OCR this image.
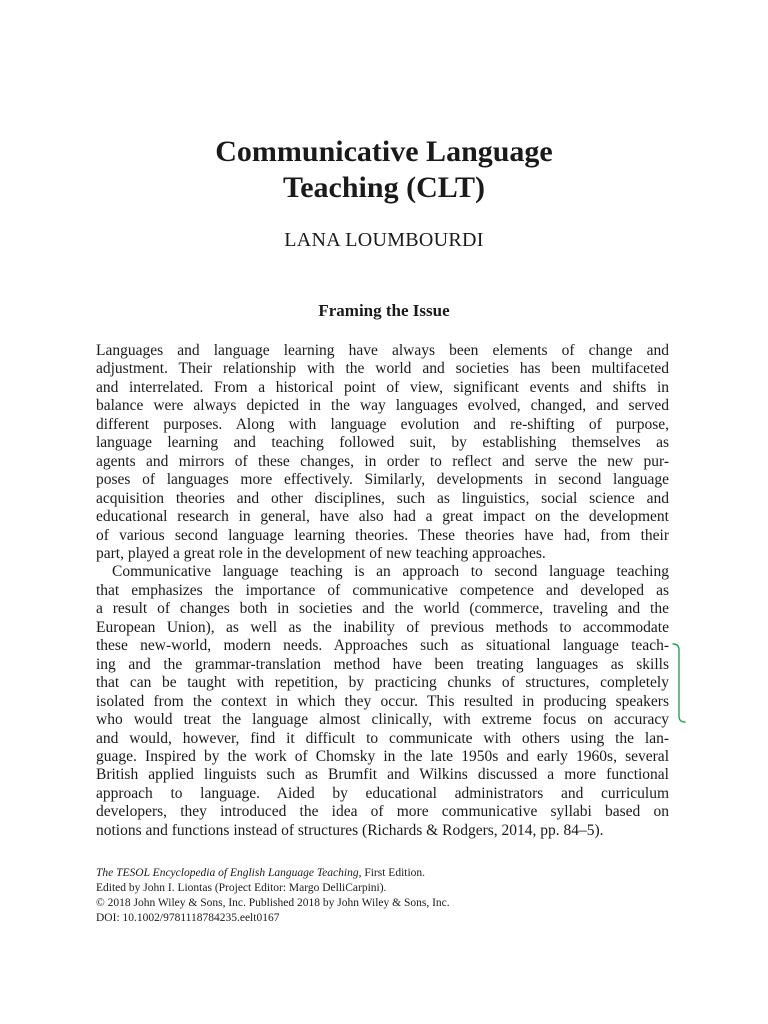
Communicative Language
Teaching (CLT)
LANA LOUMBOURDI
Framing the Issue
Languages and language learning have always been elements of change and
adjustment. Their relationship with the world and societies has been multifaceted
and interrelated. From a historical point of view, significant events and shifts in
balance were always depicted in the way languages evolved, changed, and served
different purposes. Along with language evolution and re-shifting of purpose,
language learning and teaching followed suit, by establishing themselves as
agents and mirrors of these changes, in order to reflect and serve the new pur-
poses of languages more effectively. Similarly, developments in second language
acquisition theories and other disciplines, such as linguistics, social science and
educational research in general, have also had a great impact on the development
of various second language learning theories. These theories have had, from their
part, played a great role in the development of new teaching approaches.
Communicative language teaching is an approach to second language teaching
that emphasizes the importance of communicative competence and developed as
a result of changes both in societies and the world (commerce, traveling and the
European Union), as well as the inability of previous methods to accommodate
these new-world, modern needs. Approaches such as situational language teach-
ing and the grammar-translation method have been treating languages as skills
that can be taught with repetition, by practicing chunks of structures, completely
isolated from the context in which they occur. This resulted in producing speakers
who would treat the language almost clinically, with extreme focus on accuracy
and would, however, find it difficult to communicate with others using the lan-
guage. Inspired by the work of Chomsky in the late 1950s and early 1960s, several
British applied linguists such as Brumfit and Wilkins discussed a more functional
approach to language. Aided by educational administrators and curriculum
developers, they introduced the idea of more communicative syllabi based on
notions and functions instead of structures (Richards & Rodgers, 2014, pp. 84–5).
The TESOL Encyclopedia of English Language Teaching, First Edition.
Edited by John I. Liontas (Project Editor: Margo DelliCarpini).
© 2018 John Wiley & Sons, Inc. Published 2018 by John Wiley & Sons, Inc.
DOI: 10.1002/9781118784235.eelt0167
